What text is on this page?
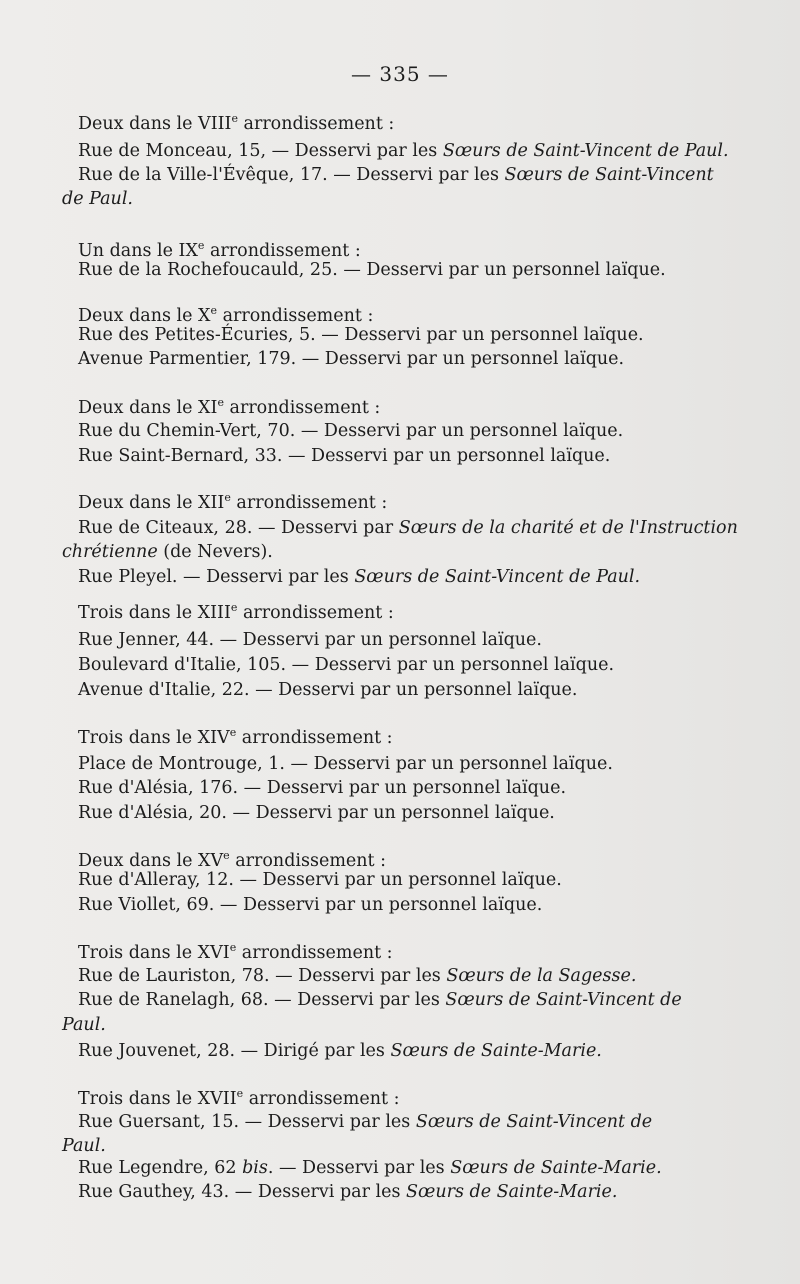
— 335 —
Deux dans le VIIIe arrondissement :
Rue de Monceau, 15, — Desservi par les Sœurs de Saint-Vincent de Paul.
Rue de la Ville-l'Évêque, 17. — Desservi par les Sœurs de Saint-Vincent
de Paul.
Un dans le IXe arrondissement :
Rue de la Rochefoucauld, 25. — Desservi par un personnel laïque.
Deux dans le Xe arrondissement :
Rue des Petites-Écuries, 5. — Desservi par un personnel laïque.
Avenue Parmentier, 179. — Desservi par un personnel laïque.
Deux dans le XIe arrondissement :
Rue du Chemin-Vert, 70. — Desservi par un personnel laïque.
Rue Saint-Bernard, 33. — Desservi par un personnel laïque.
Deux dans le XIIe arrondissement :
Rue de Citeaux, 28. — Desservi par Sœurs de la charité et de l'Instruction
chrétienne (de Nevers).
Rue Pleyel. — Desservi par les Sœurs de Saint-Vincent de Paul.
Trois dans le XIIIe arrondissement :
Rue Jenner, 44. — Desservi par un personnel laïque.
Boulevard d'Italie, 105. — Desservi par un personnel laïque.
Avenue d'Italie, 22. — Desservi par un personnel laïque.
Trois dans le XIVe arrondissement :
Place de Montrouge, 1. — Desservi par un personnel laïque.
Rue d'Alésia, 176. — Desservi par un personnel laïque.
Rue d'Alésia, 20. — Desservi par un personnel laïque.
Deux dans le XVe arrondissement :
Rue d'Alleray, 12. — Desservi par un personnel laïque.
Rue Viollet, 69. — Desservi par un personnel laïque.
Trois dans le XVIe arrondissement :
Rue de Lauriston, 78. — Desservi par les Sœurs de la Sagesse.
Rue de Ranelagh, 68. — Desservi par les Sœurs de Saint-Vincent de
Paul.
Rue Jouvenet, 28. — Dirigé par les Sœurs de Sainte-Marie.
Trois dans le XVIIe arrondissement :
Rue Guersant, 15. — Desservi par les Sœurs de Saint-Vincent de
Paul.
Rue Legendre, 62 bis. — Desservi par les Sœurs de Sainte-Marie.
Rue Gauthey, 43. — Desservi par les Sœurs de Sainte-Marie.
